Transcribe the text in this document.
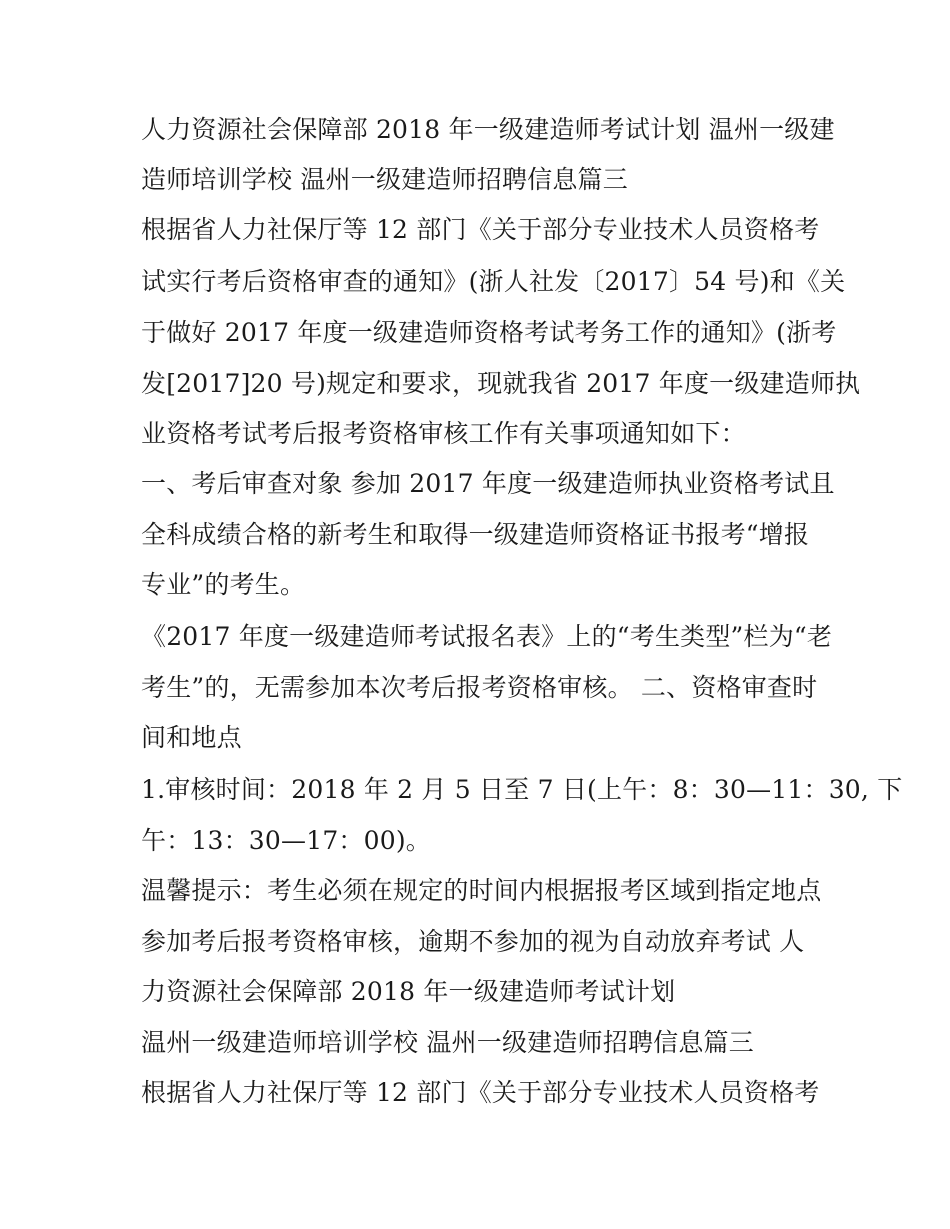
人力资源社会保障部 2018 年一级建造师考试计划 温州一级建

造师培训学校 温州一级建造师招聘信息篇三

根据省人力社保厅等 12 部门《关于部分专业技术人员资格考

试实行考后资格审查的通知》(浙人社发〔2017〕54 号)和《关

于做好 2017 年度一级建造师资格考试考务工作的通知》(浙考

发[2017]20 号)规定和要求，现就我省 2017 年度一级建造师执

业资格考试考后报考资格审核工作有关事项通知如下：

一、考后审查对象 参加 2017 年度一级建造师执业资格考试且

全科成绩合格的新考生和取得一级建造师资格证书报考“增报

专业”的考生。

《2017 年度一级建造师考试报名表》上的“考生类型”栏为“老

考生”的，无需参加本次考后报考资格审核。 二、资格审查时

间和地点

1.审核时间：2018 年 2 月 5 日至 7 日(上午：8：30—11：30, 下

午：13：30—17：00)。

温馨提示：考生必须在规定的时间内根据报考区域到指定地点

参加考后报考资格审核，逾期不参加的视为自动放弃考试 人

力资源社会保障部 2018 年一级建造师考试计划

温州一级建造师培训学校 温州一级建造师招聘信息篇三

根据省人力社保厅等 12 部门《关于部分专业技术人员资格考
